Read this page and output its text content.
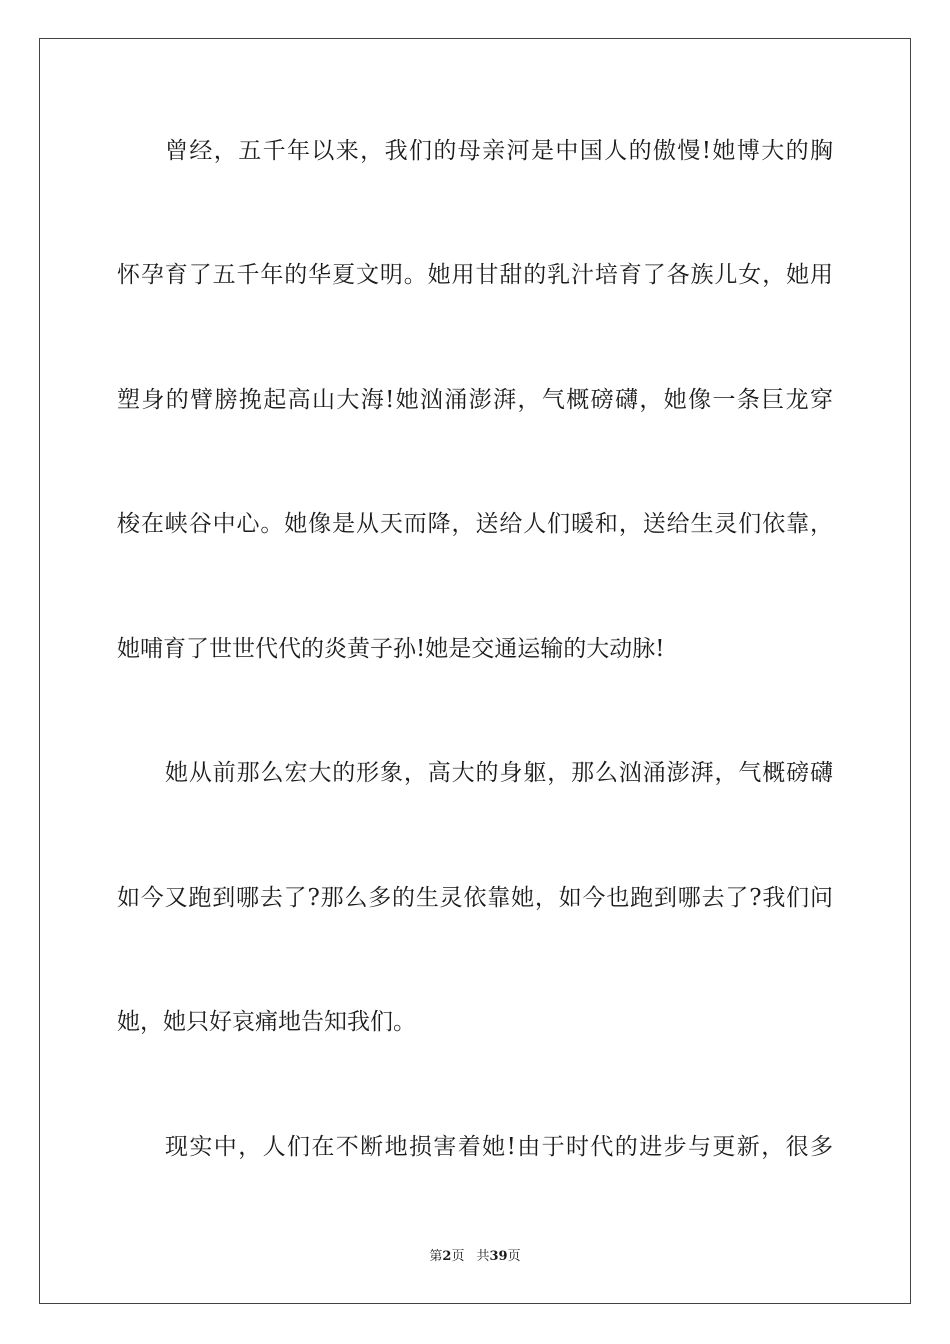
曾经，五千年以来，我们的母亲河是中国人的傲慢!她博大的胸
怀孕育了五千年的华夏文明。她用甘甜的乳汁培育了各族儿女，她用
塑身的臂膀挽起高山大海!她汹涌澎湃，气概磅礴，她像一条巨龙穿
梭在峡谷中心。她像是从天而降，送给人们暖和，送给生灵们依靠，
她哺育了世世代代的炎黄子孙!她是交通运输的大动脉!
她从前那么宏大的形象，高大的身躯，那么汹涌澎湃，气概磅礴
如今又跑到哪去了?那么多的生灵依靠她，如今也跑到哪去了?我们问
她，她只好哀痛地告知我们。
现实中，人们在不断地损害着她!由于时代的进步与更新，很多
第2页 共39页
